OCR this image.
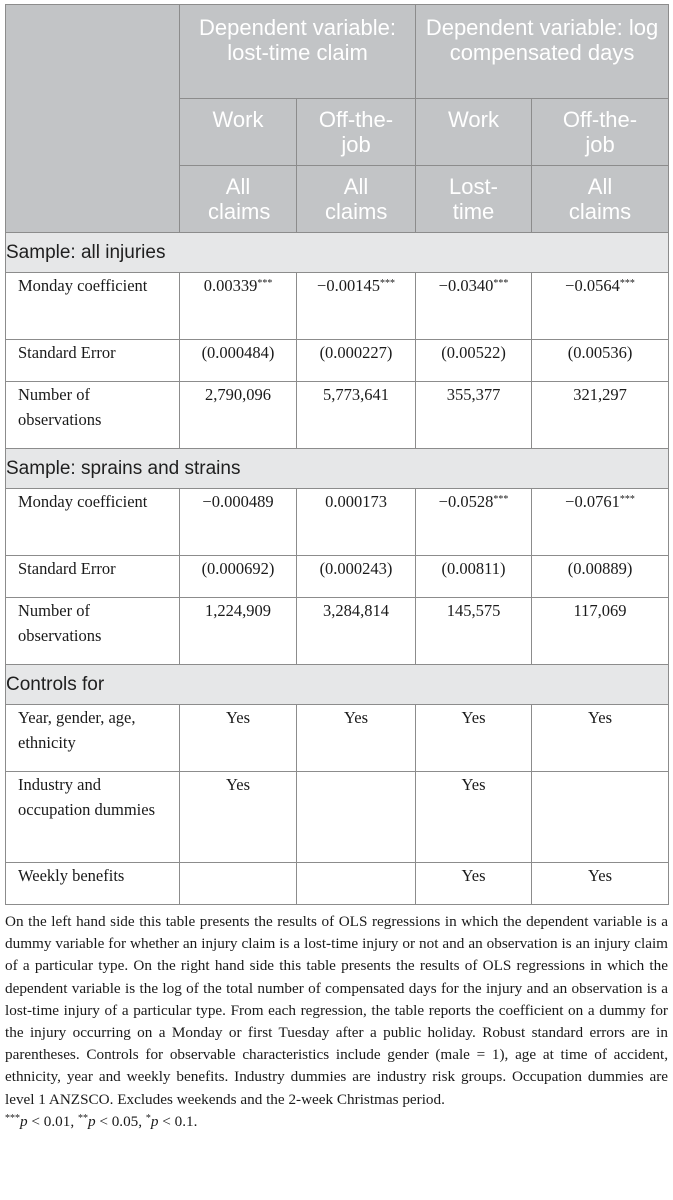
	Dependent variable: lost-time claim		Dependent variable: log compensated days	
	Work	Off-the-job	Work	Off-the-job
	All claims	All claims	Lost-time	All claims
Sample: all injuries				
Monday coefficient	0.00339***	−0.00145***	−0.0340***	−0.0564***
Standard Error	(0.000484)	(0.000227)	(0.00522)	(0.00536)
Number of observations	2,790,096	5,773,641	355,377	321,297
Sample: sprains and strains				
Monday coefficient	−0.000489	0.000173	−0.0528***	−0.0761***
Standard Error	(0.000692)	(0.000243)	(0.00811)	(0.00889)
Number of observations	1,224,909	3,284,814	145,575	117,069
Controls for				
Year, gender, age, ethnicity	Yes	Yes	Yes	Yes
Industry and occupation dummies	Yes		Yes	
Weekly benefits			Yes	Yes

On the left hand side this table presents the results of OLS regressions in which the dependent variable is a dummy variable for whether an injury claim is a lost-time injury or not and an observation is an injury claim of a particular type. On the right hand side this table presents the results of OLS regressions in which the dependent variable is the log of the total number of compensated days for the injury and an observation is a lost-time injury of a particular type. From each regression, the table reports the coefficient on a dummy for the injury occurring on a Monday or first Tuesday after a public holiday. Robust standard errors are in parentheses. Controls for observable characteristics include gender (male = 1), age at time of accident, ethnicity, year and weekly benefits. Industry dummies are industry risk groups. Occupation dummies are level 1 ANZSCO. Excludes weekends and the 2-week Christmas period.

***p < 0.01, **p < 0.05, *p < 0.1.
